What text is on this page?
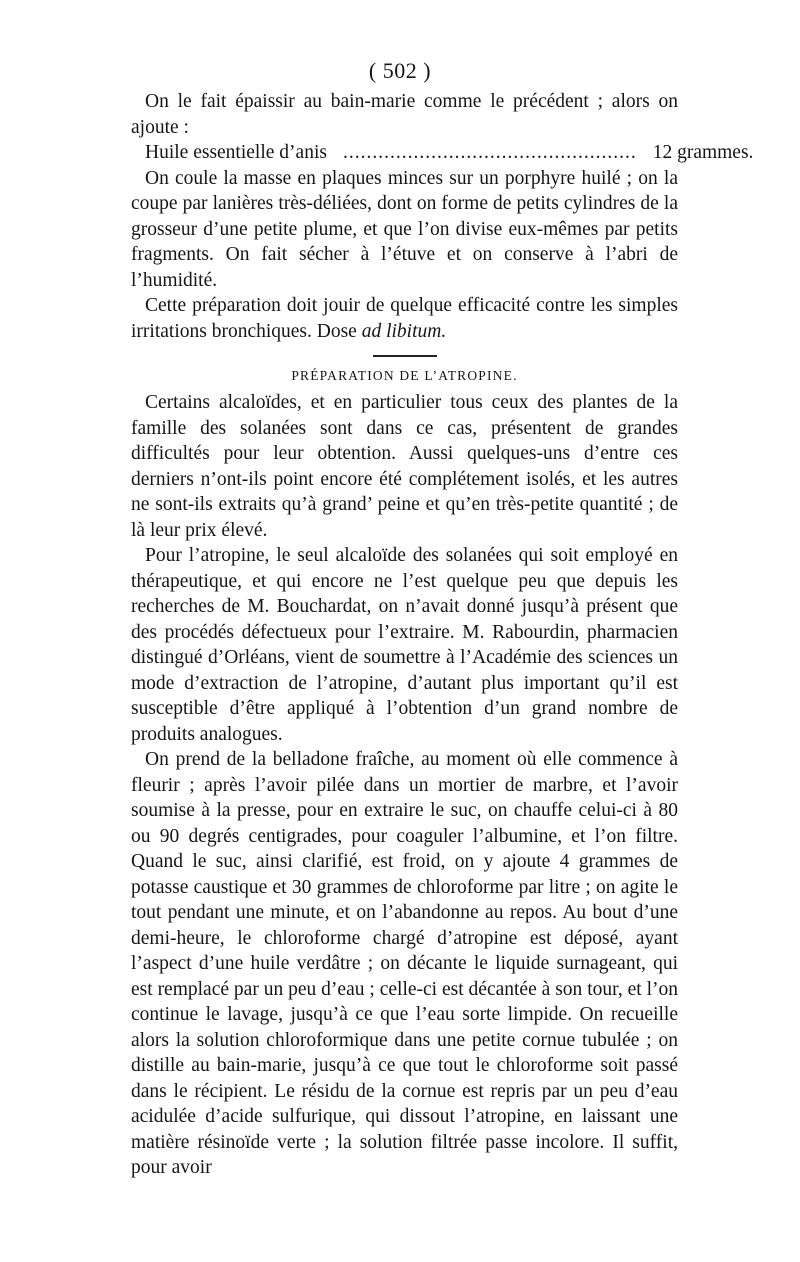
( 502 )

On le fait épaissir au bain-marie comme le précédent ; alors on ajoute :

Huile essentielle d’anis .................................................. 12 grammes.

On coule la masse en plaques minces sur un porphyre huilé ; on la coupe par lanières très-déliées, dont on forme de petits cylindres de la grosseur d’une petite plume, et que l’on divise eux-mêmes par petits fragments. On fait sécher à l’étuve et on conserve à l’abri de l’humidité.

Cette préparation doit jouir de quelque efficacité contre les simples irritations bronchiques. Dose ad libitum.

PRÉPARATION DE L’ATROPINE.

Certains alcaloïdes, et en particulier tous ceux des plantes de la famille des solanées sont dans ce cas, présentent de grandes difficultés pour leur obtention. Aussi quelques-uns d’entre ces derniers n’ont-ils point encore été complétement isolés, et les autres ne sont-ils extraits qu’à grand’ peine et qu’en très-petite quantité ; de là leur prix élevé.

Pour l’atropine, le seul alcaloïde des solanées qui soit employé en thérapeutique, et qui encore ne l’est quelque peu que depuis les recherches de M. Bouchardat, on n’avait donné jusqu’à présent que des procédés défectueux pour l’extraire. M. Rabourdin, pharmacien distingué d’Orléans, vient de soumettre à l’Académie des sciences un mode d’extraction de l’atropine, d’autant plus important qu’il est susceptible d’être appliqué à l’obtention d’un grand nombre de produits analogues.

On prend de la belladone fraîche, au moment où elle commence à fleurir ; après l’avoir pilée dans un mortier de marbre, et l’avoir soumise à la presse, pour en extraire le suc, on chauffe celui-ci à 80 ou 90 degrés centigrades, pour coaguler l’albumine, et l’on filtre. Quand le suc, ainsi clarifié, est froid, on y ajoute 4 grammes de potasse caustique et 30 grammes de chloroforme par litre ; on agite le tout pendant une minute, et on l’abandonne au repos. Au bout d’une demi-heure, le chloroforme chargé d’atropine est déposé, ayant l’aspect d’une huile verdâtre ; on décante le liquide surnageant, qui est remplacé par un peu d’eau ; celle-ci est décantée à son tour, et l’on continue le lavage, jusqu’à ce que l’eau sorte limpide. On recueille alors la solution chloroformique dans une petite cornue tubulée ; on distille au bain-marie, jusqu’à ce que tout le chloroforme soit passé dans le récipient. Le résidu de la cornue est repris par un peu d’eau acidulée d’acide sulfurique, qui dissout l’atropine, en laissant une matière résinoïde verte ; la solution filtrée passe incolore. Il suffit, pour avoir
